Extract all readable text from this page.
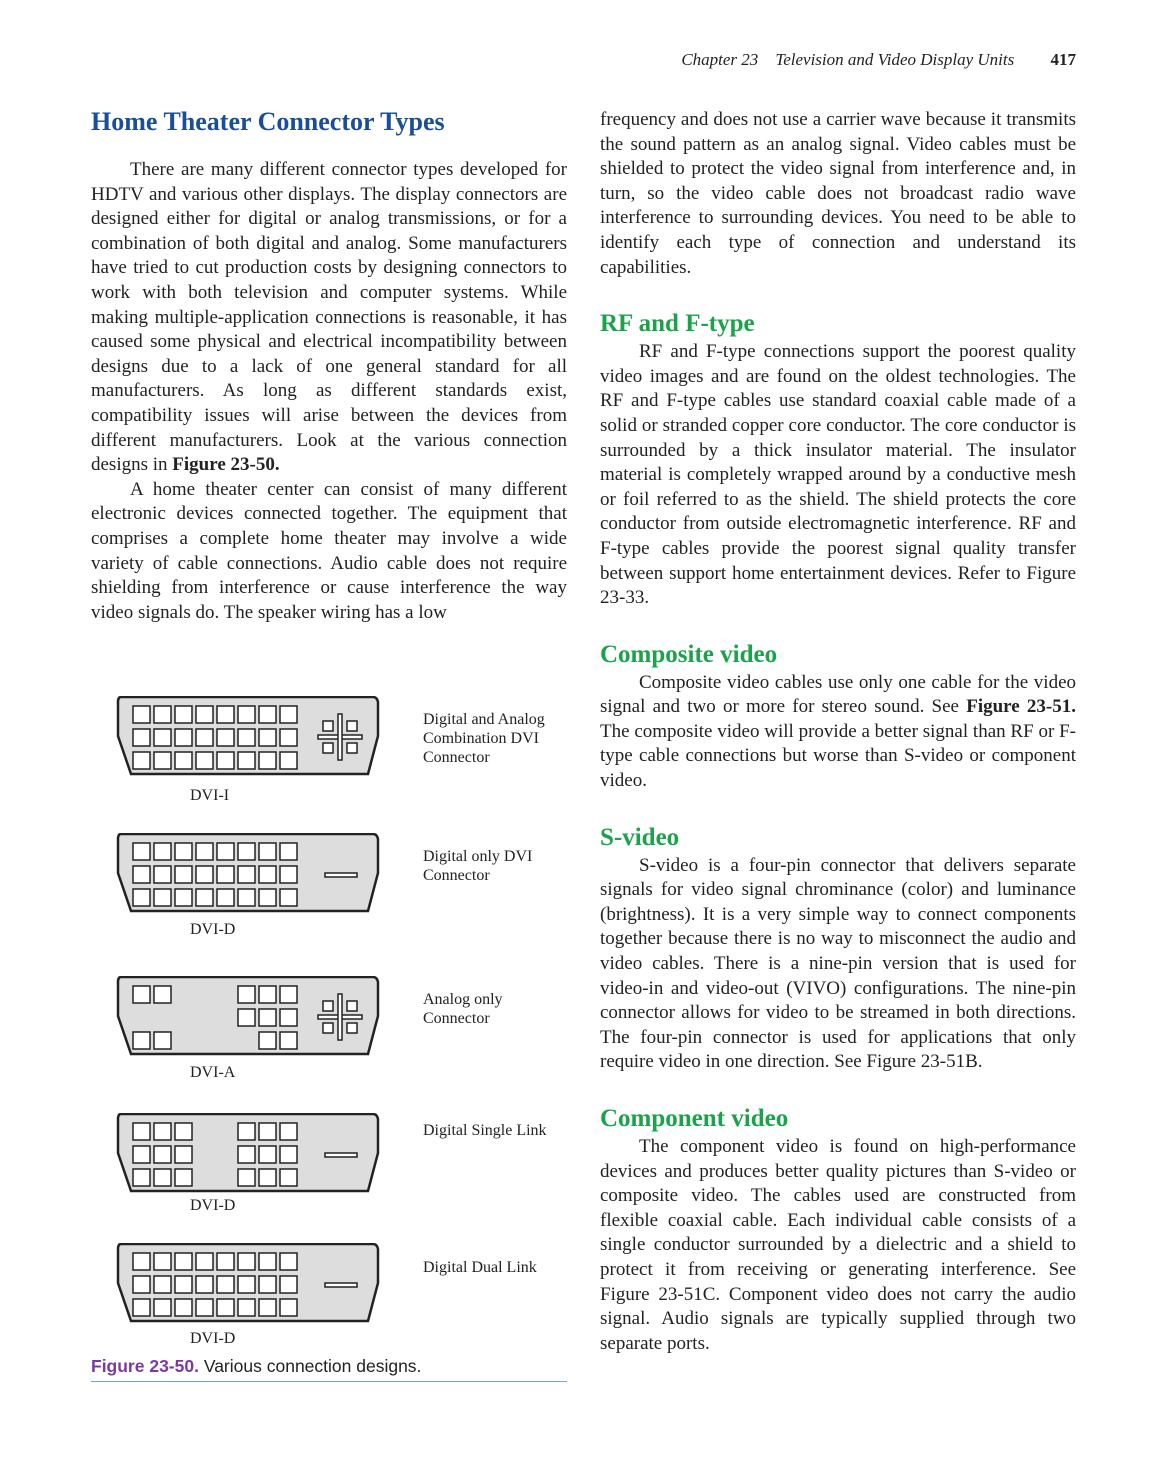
Chapter 23 Television and Video Display Units 417
Home Theater Connector Types

There are many different connector types developed for HDTV and various other displays. The display connectors are designed either for digital or analog transmissions, or for a combination of both digital and analog. Some manufacturers have tried to cut production costs by designing connectors to work with both television and computer systems. While making multiple-application connections is reasonable, it has caused some physical and electrical incompatibility between designs due to a lack of one general standard for all manufacturers. As long as different standards exist, compatibility issues will arise between the devices from different manufacturers. Look at the various connection designs in Figure 23-50.

A home theater center can consist of many different electronic devices connected together. The equipment that comprises a complete home theater may involve a wide variety of cable connections. Audio cable does not require shielding from interference or cause interference the way video signals do. The speaker wiring has a low

Digital and Analog
Combination DVI
Connector
DVI-I
Digital only DVI
Connector
DVI-D
Analog only
Connector
DVI-A
Digital Single Link
DVI-D
Digital Dual Link
DVI-D
Figure 23-50. Various connection designs.

frequency and does not use a carrier wave because it transmits the sound pattern as an analog signal. Video cables must be shielded to protect the video signal from interference and, in turn, so the video cable does not broadcast radio wave interference to surrounding devices. You need to be able to identify each type of connection and understand its capabilities.

RF and F-type

RF and F-type connections support the poorest quality video images and are found on the oldest technologies. The RF and F-type cables use standard coaxial cable made of a solid or stranded copper core conductor. The core conductor is surrounded by a thick insulator material. The insulator material is completely wrapped around by a conductive mesh or foil referred to as the shield. The shield protects the core conductor from outside electromagnetic interference. RF and F-type cables provide the poorest signal quality transfer between support home entertainment devices. Refer to Figure 23-33.

Composite video

Composite video cables use only one cable for the video signal and two or more for stereo sound. See Figure 23-51. The composite video will provide a better signal than RF or F-type cable connections but worse than S-video or component video.

S-video

S-video is a four-pin connector that delivers separate signals for video signal chrominance (color) and luminance (brightness). It is a very simple way to connect components together because there is no way to misconnect the audio and video cables. There is a nine-pin version that is used for video-in and video-out (VIVO) configurations. The nine-pin connector allows for video to be streamed in both directions. The four-pin connector is used for applications that only require video in one direction. See Figure 23-51B.

Component video

The component video is found on high-performance devices and produces better quality pictures than S-video or composite video. The cables used are constructed from flexible coaxial cable. Each individual cable consists of a single conductor surrounded by a dielectric and a shield to protect it from receiving or generating interference. See Figure 23-51C. Component video does not carry the audio signal. Audio signals are typically supplied through two separate ports.
